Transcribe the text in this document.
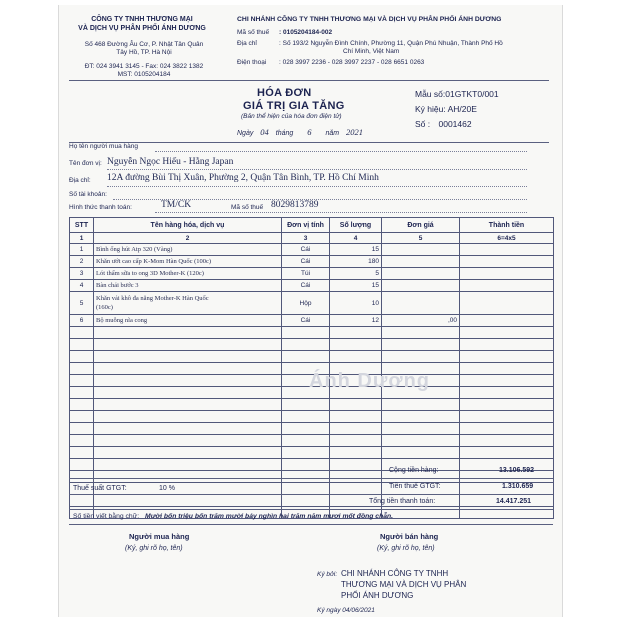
CÔNG TY TNHH THƯƠNG MẠI
VÀ DỊCH VỤ PHÂN PHỐI ÁNH DƯƠNG
Số 468 Đường Âu Cơ, P. Nhật Tân Quân
Tây Hồ, TP. Hà Nội
ĐT: 024 3941 3145 - Fax: 024 3822 1382
MST: 0105204184
CHI NHÁNH CÔNG TY TNHH THƯƠNG MẠI VÀ DỊCH VỤ PHÂN PHỐI ÁNH DƯƠNG
Mã số thuế : 0105204184-002
Địa chỉ	: Số 193/2 Nguyễn Đình Chính, Phường 11, Quận Phú Nhuận, Thành Phố Hồ
Chí Minh, Việt Nam
Điện thoại : 028 3997 2236 - 028 3997 2237 - 028 6651 0263
HÓA ĐƠN
GIÁ TRỊ GIA TĂNG
(Bản thể hiện của hóa đơn điện tử)
Ngày 04 tháng 6 năm 2021
Mẫu số:01GTKT0/001
Ký hiệu: AH/20E
Số : 0001462
Họ tên người mua hàng
Tên đơn vị: Nguyễn Ngọc Hiếu - Hằng Japan
Địa chỉ: 12A đường Bùi Thị Xuân, Phường 2, Quận Tân Bình, TP. Hồ Chí Minh
Số tài khoản:
Hình thức thanh toán:	TM/CK	Mã số thuế 8029813789
STT	Tên hàng hóa, dịch vụ	Đơn vị tính	Số lượng	Đơn giá	Thành tiền
1	2	3	4	5	6=4x5
1	Bình ống hút Atp 320 (Vàng)	Cái	15		
2	Khăn ướt cao cấp K-Mom Hàn Quốc (100c)	Cái	180		
3	Lót thấm sữa to ong 3D Mother-K (120c)	Túi	5		
4	Bàn chải bước 3	Cái	15		
5	Khăn vải khô đa năng Mother-K Hàn Quốc
(160c)	Hộp	10		
6	Bộ muỗng nĩa cong	Cái	12	,00	

Ánh Dương
Cộng tiền hàng:	13.106.592
Thuế suất GTGT:	10 %	Tiền thuế GTGT:	1.310.659
Tổng tiền thanh toán:	14.417.251
Số tiền viết bằng chữ: Mười bốn triệu bốn trăm mười bảy nghìn hai trăm năm mươi mốt đồng chẵn.
Người mua hàng
(Ký, ghi rõ họ, tên)
Người bán hàng
(Ký, ghi rõ họ, tên)
Ký bởi: CHI NHÁNH CÔNG TY TNHH
THƯƠNG MẠI VÀ DỊCH VỤ PHÂN
PHỐI ÁNH DƯƠNG
Ký ngày 04/06/2021
